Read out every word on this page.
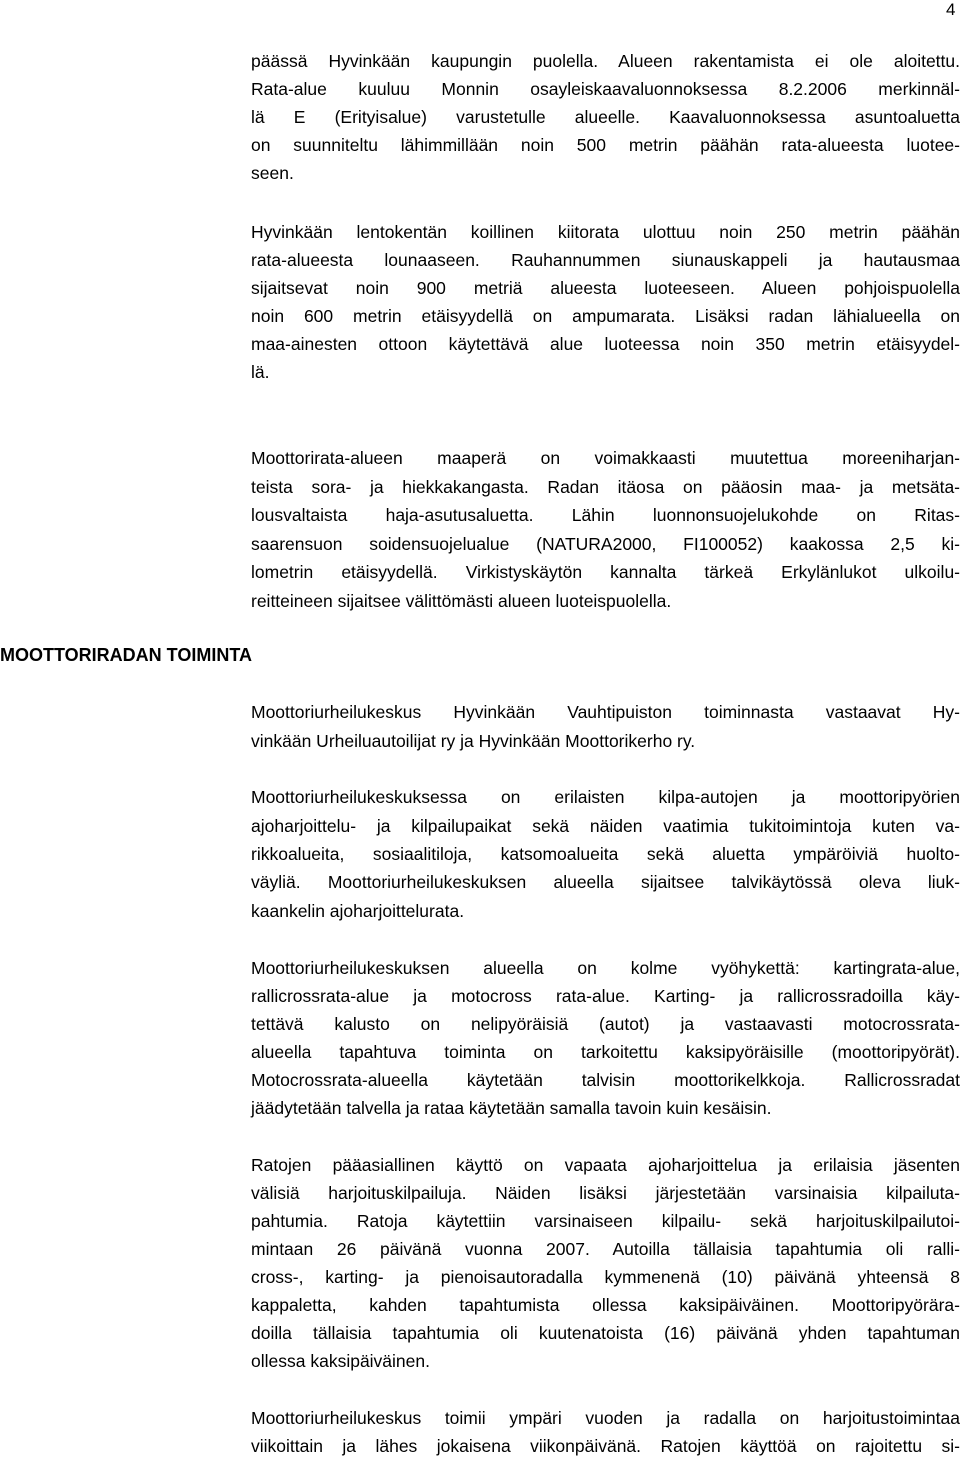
4
päässä Hyvinkään kaupungin puolella. Alueen rakentamista ei ole aloitettu.
Rata-alue kuuluu Monnin osayleiskaavaluonnoksessa 8.2.2006 merkinnäl-
lä E (Erityisalue) varustetulle alueelle. Kaavaluonnoksessa asuntoaluetta
on suunniteltu lähimmillään noin 500 metrin päähän rata-alueesta luotee-
seen.
Hyvinkään lentokentän koillinen kiitorata ulottuu noin 250 metrin päähän
rata-alueesta lounaaseen. Rauhannummen siunauskappeli ja hautausmaa
sijaitsevat noin 900 metriä alueesta luoteeseen. Alueen pohjoispuolella
noin 600 metrin etäisyydellä on ampumarata. Lisäksi radan lähialueella on
maa-ainesten ottoon käytettävä alue luoteessa noin 350 metrin etäisyydel-
lä.
Moottorirata-alueen maaperä on voimakkaasti muutettua moreeniharjan-
teista sora- ja hiekkakangasta. Radan itäosa on pääosin maa- ja metsäta-
lousvaltaista haja-asutusaluetta. Lähin luonnonsuojelukohde on Ritas-
saarensuon soidensuojelualue (NATURA2000, FI100052) kaakossa 2,5 ki-
lometrin etäisyydellä. Virkistyskäytön kannalta tärkeä Erkylänlukot ulkoilu-
reitteineen sijaitsee välittömästi alueen luoteispuolella.
MOOTTORIRADAN TOIMINTA
Moottoriurheilukeskus Hyvinkään Vauhtipuiston toiminnasta vastaavat Hy-
vinkään Urheiluautoilijat ry ja Hyvinkään Moottorikerho ry.
Moottoriurheilukeskuksessa on erilaisten kilpa-autojen ja moottoripyörien
ajoharjoittelu- ja kilpailupaikat sekä näiden vaatimia tukitoimintoja kuten va-
rikkoalueita, sosiaalitiloja, katsomoalueita sekä aluetta ympäröiviä huolto-
väyliä. Moottoriurheilukeskuksen alueella sijaitsee talvikäytössä oleva liuk-
kaankelin ajoharjoittelurata.
Moottoriurheilukeskuksen alueella on kolme vyöhykettä: kartingrata-alue,
rallicrossrata-alue ja motocross rata-alue. Karting- ja rallicrossradoilla käy-
tettävä kalusto on nelipyöräisiä (autot) ja vastaavasti motocrossrata-
alueella tapahtuva toiminta on tarkoitettu kaksipyöräisille (moottoripyörät).
Motocrossrata-alueella käytetään talvisin moottorikelkkoja. Rallicrossradat
jäädytetään talvella ja rataa käytetään samalla tavoin kuin kesäisin.
Ratojen pääasiallinen käyttö on vapaata ajoharjoittelua ja erilaisia jäsenten
välisiä harjoituskilpailuja. Näiden lisäksi järjestetään varsinaisia kilpailuta-
pahtumia. Ratoja käytettiin varsinaiseen kilpailu- sekä harjoituskilpailutoi-
mintaan 26 päivänä vuonna 2007. Autoilla tällaisia tapahtumia oli ralli-
cross-, karting- ja pienoisautoradalla kymmenenä (10) päivänä yhteensä 8
kappaletta, kahden tapahtumista ollessa kaksipäiväinen. Moottoripyörära-
doilla tällaisia tapahtumia oli kuutenatoista (16) päivänä yhden tapahtuman
ollessa kaksipäiväinen.
Moottoriurheilukeskus toimii ympäri vuoden ja radalla on harjoitustoimintaa
viikoittain ja lähes jokaisena viikonpäivänä. Ratojen käyttöä on rajoitettu si-
